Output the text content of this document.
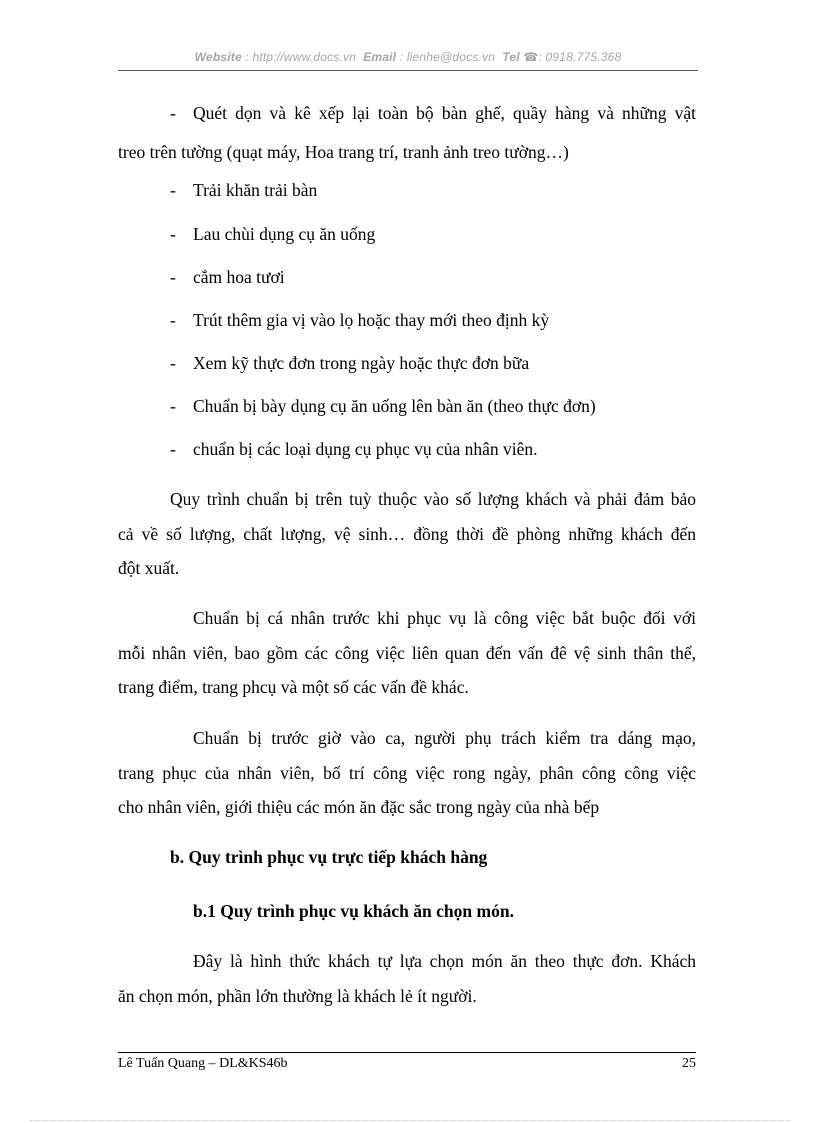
Website : http://www.docs.vn Email : lienhe@docs.vn Tel ☎: 0918.775.368
- Quét dọn và kê xếp lại toàn bộ bàn ghế, quầy hàng và những vật
treo trên tường (quạt máy, Hoa trang trí, tranh ảnh treo tường…)
- Trải khăn trải bàn
- Lau chùi dụng cụ ăn uống
- cắm hoa tươi
- Trút thêm gia vị vào lọ hoặc thay mới theo định kỳ
- Xem kỹ thực đơn trong ngày hoặc thực đơn bữa
- Chuẩn bị bày dụng cụ ăn uống lên bàn ăn (theo thực đơn)
- chuẩn bị các loại dụng cụ phục vụ của nhân viên.
Quy trình chuẩn bị trên tuỳ thuộc vào số lượng khách và phải đảm bảo
cả về số lượng, chất lượng, vệ sinh… đồng thời đề phòng những khách đến
đột xuất.
Chuẩn bị cá nhân trước khi phục vụ là công việc bắt buộc đối với
mỗi nhân viên, bao gồm các công việc liên quan đến vấn đê vệ sinh thân thể,
trang điểm, trang phcụ và một số các vấn đề khác.
Chuẩn bị trước giờ vào ca, người phụ trách kiểm tra dáng mạo,
trang phục của nhân viên, bố trí công việc rong ngày, phân công công việc
cho nhân viên, giới thiệu các món ăn đặc sắc trong ngày của nhà bếp
b. Quy trình phục vụ trực tiếp khách hàng
b.1 Quy trình phục vụ khách ăn chọn món.
Đây là hình thức khách tự lựa chọn món ăn theo thực đơn. Khách
ăn chọn món, phần lớn thường là khách lẻ ít người.
Lê Tuấn Quang – DL&KS46b	25
